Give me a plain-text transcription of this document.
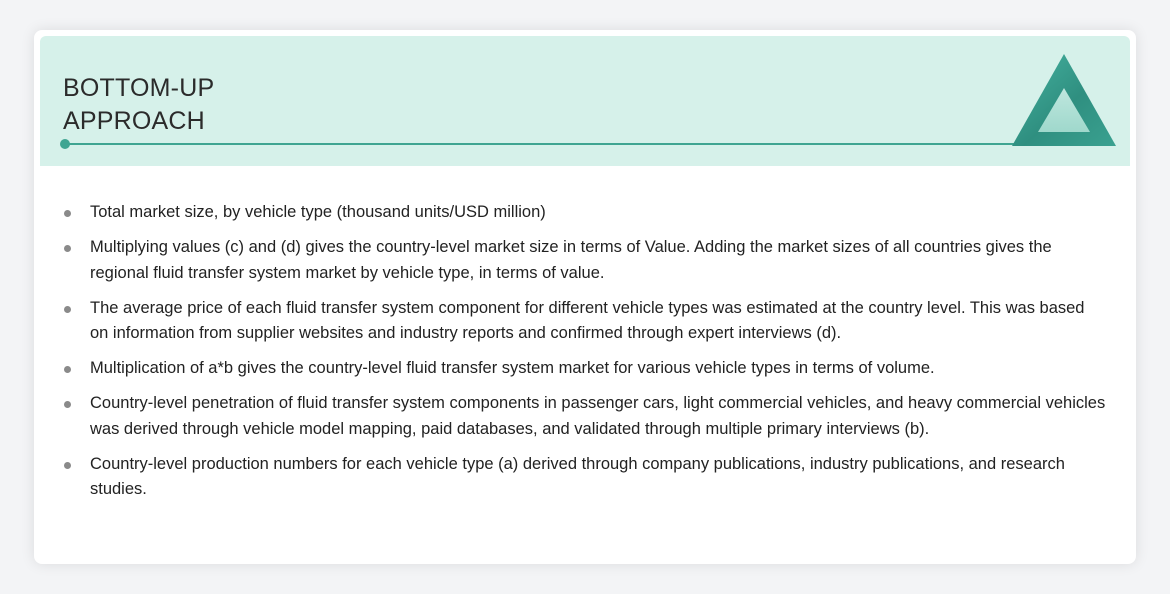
BOTTOM-UP
APPROACH
Total market size, by vehicle type (thousand units/USD million)
Multiplying values (c) and (d) gives the country-level market size in terms of Value. Adding the market sizes of all countries gives the regional fluid transfer system market by vehicle type, in terms of value.
The average price of each fluid transfer system component for different vehicle types was estimated at the country level. This was based on information from supplier websites and industry reports and confirmed through expert interviews (d).
Multiplication of a*b gives the country-level fluid transfer system market for various vehicle types in terms of volume.
Country-level penetration of fluid transfer system components in passenger cars, light commercial vehicles, and heavy commercial vehicles was derived through vehicle model mapping, paid databases, and validated through multiple primary interviews (b).
Country-level production numbers for each vehicle type (a) derived through company publications, industry publications, and research studies.
